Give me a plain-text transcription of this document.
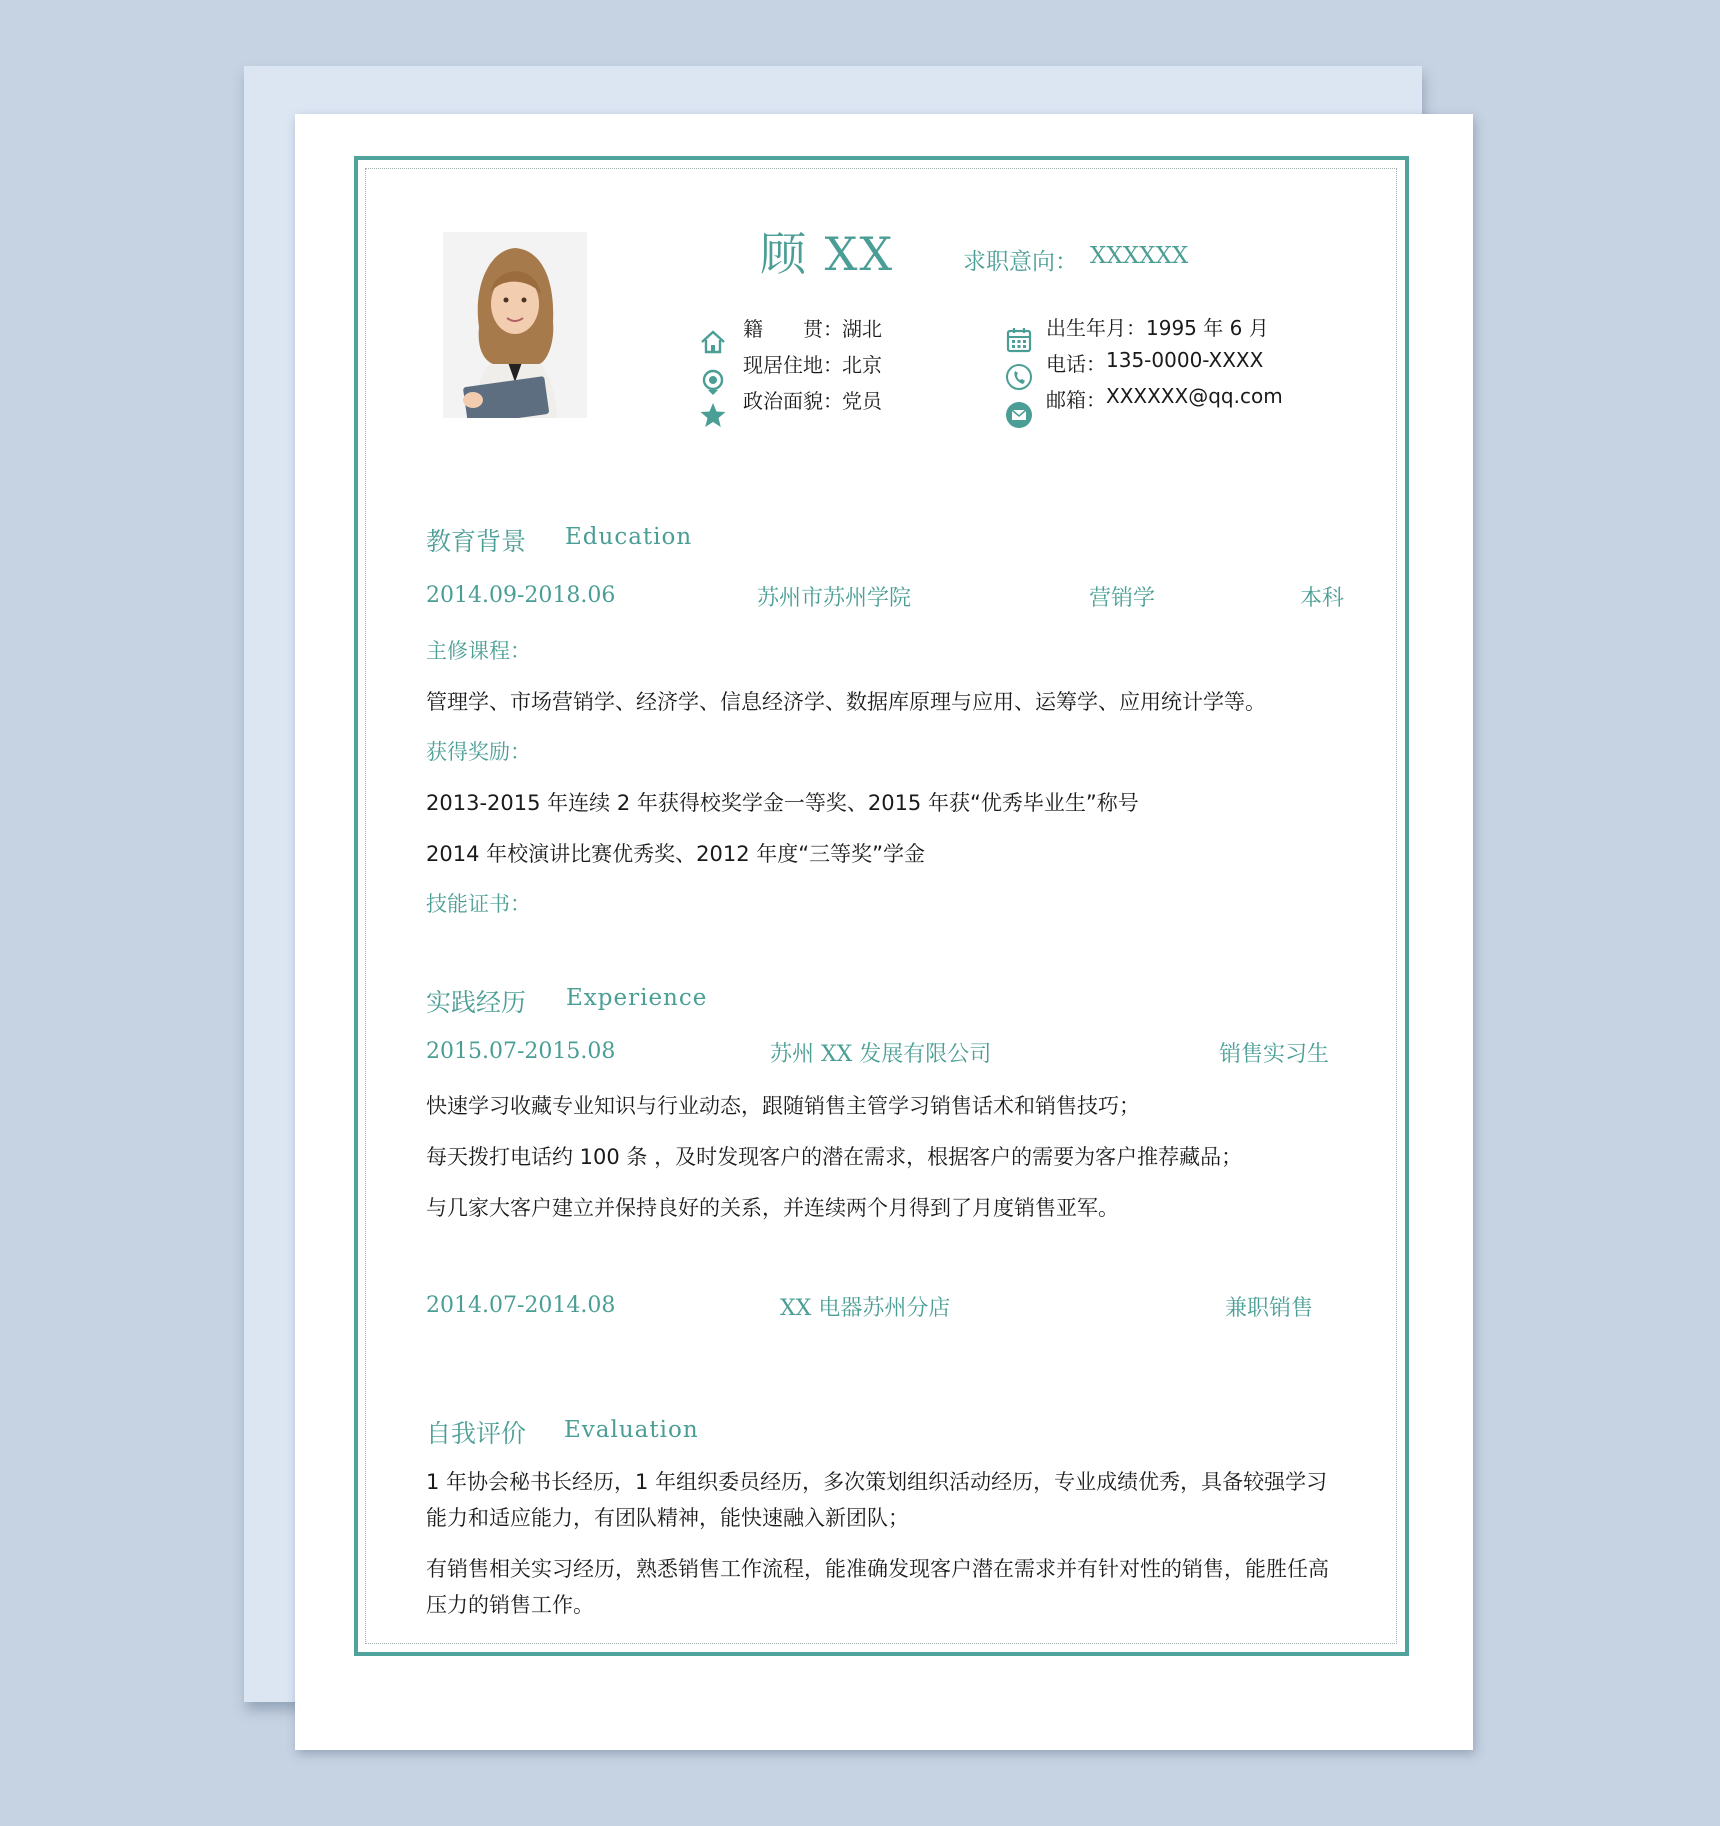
顾 XX	求职意向： XXXXXX
籍　　贯： 湖北
现居住地： 北京
政治面貌： 党员
出生年月： 1995 年 6 月
电话： 135-0000-XXXX
邮箱： XXXXXX@qq.com
教育背景 Education
2014.09-2018.06	苏州市苏州学院	营销学	本科
主修课程：
管理学、市场营销学、经济学、信息经济学、数据库原理与应用、运筹学、应用统计学等。
获得奖励：
2013-2015 年连续 2 年获得校奖学金一等奖、2015 年获“优秀毕业生”称号
2014 年校演讲比赛优秀奖、2012 年度“三等奖”学金
技能证书：
实践经历 Experience
2015.07-2015.08	苏州 XX 发展有限公司	销售实习生
快速学习收藏专业知识与行业动态，跟随销售主管学习销售话术和销售技巧；
每天拨打电话约 100 条 ，及时发现客户的潜在需求，根据客户的需要为客户推荐藏品；
与几家大客户建立并保持良好的关系，并连续两个月得到了月度销售亚军。
2014.07-2014.08	XX 电器苏州分店	兼职销售
自我评价 Evaluation
1 年协会秘书长经历，1 年组织委员经历，多次策划组织活动经历，专业成绩优秀，具备较强学习
能力和适应能力，有团队精神，能快速融入新团队；
有销售相关实习经历，熟悉销售工作流程，能准确发现客户潜在需求并有针对性的销售，能胜任高
压力的销售工作。
